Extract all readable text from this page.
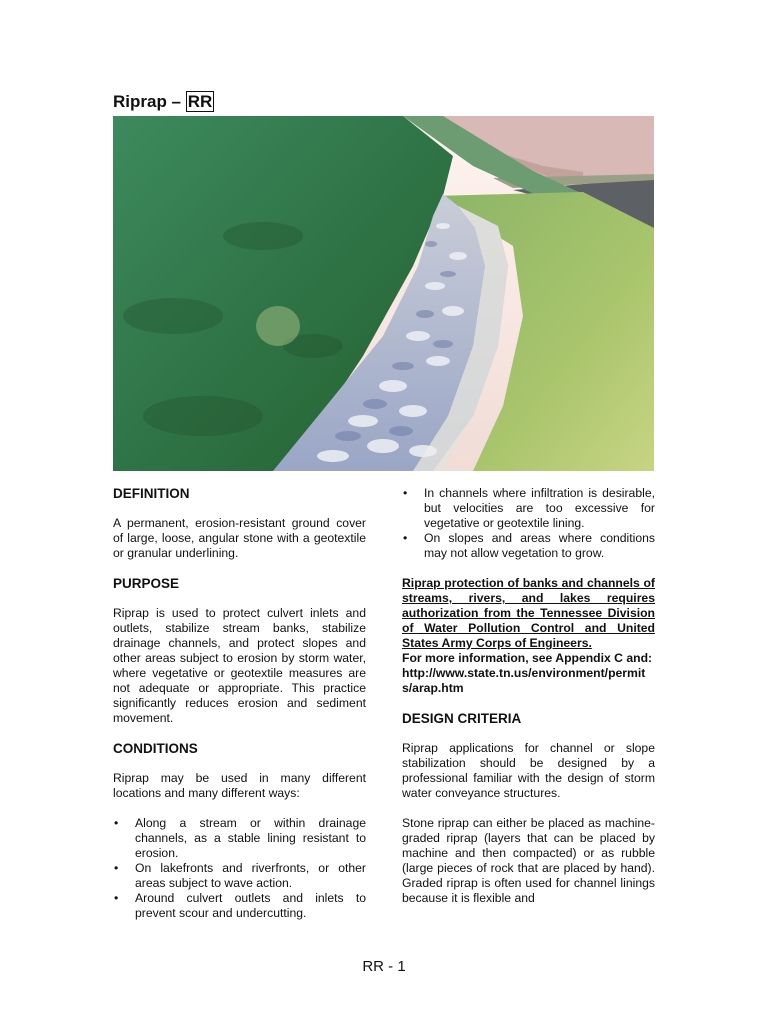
Riprap – RR
DEFINITION

A permanent, erosion-resistant ground cover of large, loose, angular stone with a geotextile or granular underlining.

PURPOSE

Riprap is used to protect culvert inlets and outlets, stabilize stream banks, stabilize drainage channels, and protect slopes and other areas subject to erosion by storm water, where vegetative or geotextile measures are not adequate or appropriate. This practice significantly reduces erosion and sediment movement.

CONDITIONS

Riprap may be used in many different locations and many different ways:

• Along a stream or within drainage channels, as a stable lining resistant to erosion.
• On lakefronts and riverfronts, or other areas subject to wave action.
• Around culvert outlets and inlets to prevent scour and undercutting.
• In channels where infiltration is desirable, but velocities are too excessive for vegetative or geotextile lining.
• On slopes and areas where conditions may not allow vegetation to grow.
Riprap protection of banks and channels of streams, rivers, and lakes requires authorization from the Tennessee Division of Water Pollution Control and United States Army Corps of Engineers.
For more information, see Appendix C and:
http://www.state.tn.us/environment/permits/arap.htm
DESIGN CRITERIA

Riprap applications for channel or slope stabilization should be designed by a professional familiar with the design of storm water conveyance structures.

Stone riprap can either be placed as machine-graded riprap (layers that can be placed by machine and then compacted) or as rubble (large pieces of rock that are placed by hand). Graded riprap is often used for channel linings because it is flexible and

RR - 1
